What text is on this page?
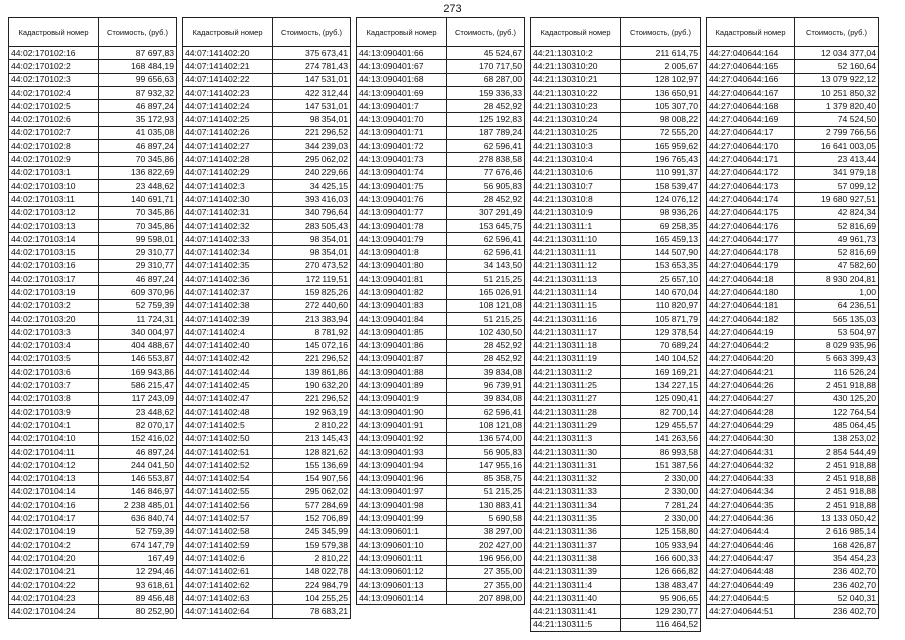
273
Кадастровый номер	Стоимость, (руб.)
44:02:170102:16	87 697,83
44:02:170102:2	168 484,19
44:02:170102:3	99 656,63
44:02:170102:4	87 932,32
44:02:170102:5	46 897,24
44:02:170102:6	35 172,93
44:02:170102:7	41 035,08
44:02:170102:8	46 897,24
44:02:170102:9	70 345,86
44:02:170103:1	136 822,69
44:02:170103:10	23 448,62
44:02:170103:11	140 691,71
44:02:170103:12	70 345,86
44:02:170103:13	70 345,86
44:02:170103:14	99 598,01
44:02:170103:15	29 310,77
44:02:170103:16	29 310,77
44:02:170103:17	46 897,24
44:02:170103:19	609 370,96
44:02:170103:2	52 759,39
44:02:170103:20	11 724,31
44:02:170103:3	340 004,97
44:02:170103:4	404 488,67
44:02:170103:5	146 553,87
44:02:170103:6	169 943,86
44:02:170103:7	586 215,47
44:02:170103:8	117 243,09
44:02:170103:9	23 448,62
44:02:170104:1	82 070,17
44:02:170104:10	152 416,02
44:02:170104:11	46 897,24
44:02:170104:12	244 041,50
44:02:170104:13	146 553,87
44:02:170104:14	146 846,97
44:02:170104:16	2 238 485,01
44:02:170104:17	636 840,74
44:02:170104:19	52 759,39
44:02:170104:2	674 147,79
44:02:170104:20	167,49
44:02:170104:21	12 294,46
44:02:170104:22	93 618,61
44:02:170104:23	89 456,48
44:02:170104:24	80 252,90
Кадастровый номер	Стоимость, (руб.)
44:07:141402:20	375 673,41
44:07:141402:21	274 781,43
44:07:141402:22	147 531,01
44:07:141402:23	422 312,44
44:07:141402:24	147 531,01
44:07:141402:25	98 354,01
44:07:141402:26	221 296,52
44:07:141402:27	344 239,03
44:07:141402:28	295 062,02
44:07:141402:29	240 229,66
44:07:141402:3	34 425,15
44:07:141402:30	393 416,03
44:07:141402:31	340 796,64
44:07:141402:32	283 505,43
44:07:141402:33	98 354,01
44:07:141402:34	98 354,01
44:07:141402:35	270 473,52
44:07:141402:36	172 119,51
44:07:141402:37	159 825,26
44:07:141402:38	272 440,60
44:07:141402:39	213 383,94
44:07:141402:4	8 781,92
44:07:141402:40	145 072,16
44:07:141402:42	221 296,52
44:07:141402:44	139 861,86
44:07:141402:45	190 632,20
44:07:141402:47	221 296,52
44:07:141402:48	192 963,19
44:07:141402:5	2 810,22
44:07:141402:50	213 145,43
44:07:141402:51	128 821,62
44:07:141402:52	155 136,69
44:07:141402:54	154 907,56
44:07:141402:55	295 062,02
44:07:141402:56	577 284,69
44:07:141402:57	152 706,89
44:07:141402:58	245 345,99
44:07:141402:59	159 579,38
44:07:141402:6	2 810,22
44:07:141402:61	148 022,78
44:07:141402:62	224 984,79
44:07:141402:63	104 255,25
44:07:141402:64	78 683,21
Кадастровый номер	Стоимость, (руб.)
44:13:090401:66	45 524,67
44:13:090401:67	170 717,50
44:13:090401:68	68 287,00
44:13:090401:69	159 336,33
44:13:090401:7	28 452,92
44:13:090401:70	125 192,83
44:13:090401:71	187 789,24
44:13:090401:72	62 596,41
44:13:090401:73	278 838,58
44:13:090401:74	77 676,46
44:13:090401:75	56 905,83
44:13:090401:76	28 452,92
44:13:090401:77	307 291,49
44:13:090401:78	153 645,75
44:13:090401:79	62 596,41
44:13:090401:8	62 596,41
44:13:090401:80	34 143,50
44:13:090401:81	51 215,25
44:13:090401:82	165 026,91
44:13:090401:83	108 121,08
44:13:090401:84	51 215,25
44:13:090401:85	102 430,50
44:13:090401:86	28 452,92
44:13:090401:87	28 452,92
44:13:090401:88	39 834,08
44:13:090401:89	96 739,91
44:13:090401:9	39 834,08
44:13:090401:90	62 596,41
44:13:090401:91	108 121,08
44:13:090401:92	136 574,00
44:13:090401:93	56 905,83
44:13:090401:94	147 955,16
44:13:090401:96	85 358,75
44:13:090401:97	51 215,25
44:13:090401:98	130 883,41
44:13:090401:99	5 690,58
44:13:090601:1	38 297,00
44:13:090601:10	202 427,00
44:13:090601:11	196 956,00
44:13:090601:12	27 355,00
44:13:090601:13	27 355,00
44:13:090601:14	207 898,00
Кадастровый номер	Стоимость, (руб.)
44:21:130310:2	211 614,75
44:21:130310:20	2 005,67
44:21:130310:21	128 102,97
44:21:130310:22	136 650,91
44:21:130310:23	105 307,70
44:21:130310:24	98 008,22
44:21:130310:25	72 555,20
44:21:130310:3	165 959,62
44:21:130310:4	196 765,43
44:21:130310:6	110 991,37
44:21:130310:7	158 539,47
44:21:130310:8	124 076,12
44:21:130310:9	98 936,26
44:21:130311:1	69 258,35
44:21:130311:10	165 459,13
44:21:130311:11	144 507,90
44:21:130311:12	153 653,35
44:21:130311:13	25 657,10
44:21:130311:14	140 670,04
44:21:130311:15	110 820,97
44:21:130311:16	105 871,79
44:21:130311:17	129 378,54
44:21:130311:18	70 689,24
44:21:130311:19	140 104,52
44:21:130311:2	169 169,21
44:21:130311:25	134 227,15
44:21:130311:27	125 090,41
44:21:130311:28	82 700,14
44:21:130311:29	129 455,57
44:21:130311:3	141 263,56
44:21:130311:30	86 993,58
44:21:130311:31	151 387,56
44:21:130311:32	2 330,00
44:21:130311:33	2 330,00
44:21:130311:34	7 281,24
44:21:130311:35	2 330,00
44:21:130311:36	125 158,80
44:21:130311:37	105 933,94
44:21:130311:38	166 600,33
44:21:130311:39	126 666,82
44:21:130311:4	138 483,47
44:21:130311:40	95 906,65
44:21:130311:41	129 230,77
44:21:130311:5	116 464,52
Кадастровый номер	Стоимость, (руб.)
44:27:040644:164	12 034 377,04
44:27:040644:165	52 160,64
44:27:040644:166	13 079 922,12
44:27:040644:167	10 251 850,32
44:27:040644:168	1 379 820,40
44:27:040644:169	74 524,50
44:27:040644:17	2 799 766,56
44:27:040644:170	16 641 003,05
44:27:040644:171	23 413,44
44:27:040644:172	341 979,18
44:27:040644:173	57 099,12
44:27:040644:174	19 680 927,51
44:27:040644:175	42 824,34
44:27:040644:176	52 816,69
44:27:040644:177	49 961,73
44:27:040644:178	52 816,69
44:27:040644:179	47 582,60
44:27:040644:18	8 930 204,81
44:27:040644:180	1,00
44:27:040644:181	64 236,51
44:27:040644:182	565 135,03
44:27:040644:19	53 504,97
44:27:040644:2	8 029 935,96
44:27:040644:20	5 663 399,43
44:27:040644:21	116 526,24
44:27:040644:26	2 451 918,88
44:27:040644:27	430 125,20
44:27:040644:28	122 764,54
44:27:040644:29	485 064,45
44:27:040644:30	138 253,02
44:27:040644:31	2 854 544,49
44:27:040644:32	2 451 918,88
44:27:040644:33	2 451 918,88
44:27:040644:34	2 451 918,88
44:27:040644:35	2 451 918,88
44:27:040644:36	13 133 050,42
44:27:040644:4	2 616 985,14
44:27:040644:46	168 426,87
44:27:040644:47	354 454,23
44:27:040644:48	236 402,70
44:27:040644:49	236 402,70
44:27:040644:5	52 040,31
44:27:040644:51	236 402,70
